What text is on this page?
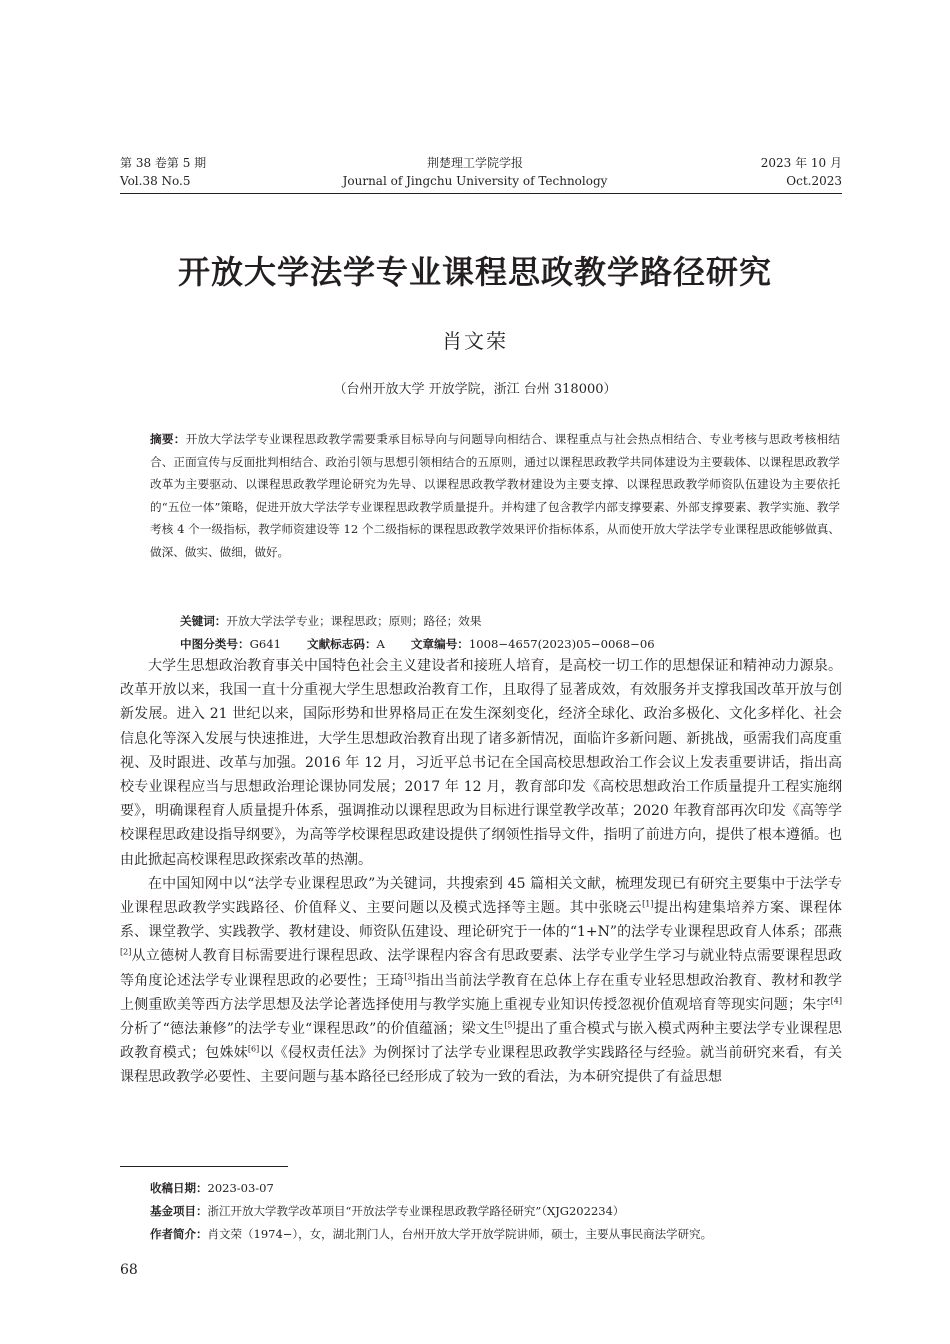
第 38 卷第 5 期
Vol.38 No.5
荆楚理工学院学报
Journal of Jingchu University of Technology
2023 年 10 月
Oct.2023
开放大学法学专业课程思政教学路径研究
肖文荣
（台州开放大学 开放学院，浙江 台州 318000）
摘要：开放大学法学专业课程思政教学需要秉承目标导向与问题导向相结合、课程重点与社会热点相结合、专业考核与思政考核相结合、正面宣传与反面批判相结合、政治引领与思想引领相结合的五原则，通过以课程思政教学共同体建设为主要载体、以课程思政教学改革为主要驱动、以课程思政教学理论研究为先导、以课程思政教学教材建设为主要支撑、以课程思政教学师资队伍建设为主要依托的“五位一体”策略，促进开放大学法学专业课程思政教学质量提升。并构建了包含教学内部支撑要素、外部支撑要素、教学实施、教学考核 4 个一级指标，教学师资建设等 12 个二级指标的课程思政教学效果评价指标体系，从而使开放大学法学专业课程思政能够做真、做深、做实、做细，做好。
关键词：开放大学法学专业；课程思政；原则；路径；效果
中图分类号：G641 文献标志码：A 文章编号：1008−4657(2023)05−0068−06

大学生思想政治教育事关中国特色社会主义建设者和接班人培育，是高校一切工作的思想保证和精神动力源泉。改革开放以来，我国一直十分重视大学生思想政治教育工作，且取得了显著成效，有效服务并支撑我国改革开放与创新发展。进入 21 世纪以来，国际形势和世界格局正在发生深刻变化，经济全球化、政治多极化、文化多样化、社会信息化等深入发展与快速推进，大学生思想政治教育出现了诸多新情况，面临许多新问题、新挑战，亟需我们高度重视、及时跟进、改革与加强。2016 年 12 月，习近平总书记在全国高校思想政治工作会议上发表重要讲话，指出高校专业课程应当与思想政治理论课协同发展；2017 年 12 月，教育部印发《高校思想政治工作质量提升工程实施纲要》，明确课程育人质量提升体系，强调推动以课程思政为目标进行课堂教学改革；2020 年教育部再次印发《高等学校课程思政建设指导纲要》，为高等学校课程思政建设提供了纲领性指导文件，指明了前进方向，提供了根本遵循。也由此掀起高校课程思政探索改革的热潮。

在中国知网中以“法学专业课程思政”为关键词，共搜索到 45 篇相关文献，梳理发现已有研究主要集中于法学专业课程思政教学实践路径、价值释义、主要问题以及模式选择等主题。其中张晓云[1]提出构建集培养方案、课程体系、课堂教学、实践教学、教材建设、师资队伍建设、理论研究于一体的“1+N”的法学专业课程思政育人体系；邵燕[2]从立德树人教育目标需要进行课程思政、法学课程内容含有思政要素、法学专业学生学习与就业特点需要课程思政等角度论述法学专业课程思政的必要性；王琦[3]指出当前法学教育在总体上存在重专业轻思想政治教育、教材和教学上侧重欧美等西方法学思想及法学论著选择使用与教学实施上重视专业知识传授忽视价值观培育等现实问题；朱宇[4]分析了“德法兼修”的法学专业“课程思政”的价值蕴涵；梁文生[5]提出了重合模式与嵌入模式两种主要法学专业课程思政教育模式；包姝妹[6]以《侵权责任法》为例探讨了法学专业课程思政教学实践路径与经验。就当前研究来看，有关课程思政教学必要性、主要问题与基本路径已经形成了较为一致的看法，为本研究提供了有益思想

收稿日期：2023-03-07
基金项目：浙江开放大学教学改革项目“开放法学专业课程思政教学路径研究”（XJG202234）
作者简介：肖文荣（1974−），女，湖北荆门人，台州开放大学开放学院讲师，硕士，主要从事民商法学研究。
68
